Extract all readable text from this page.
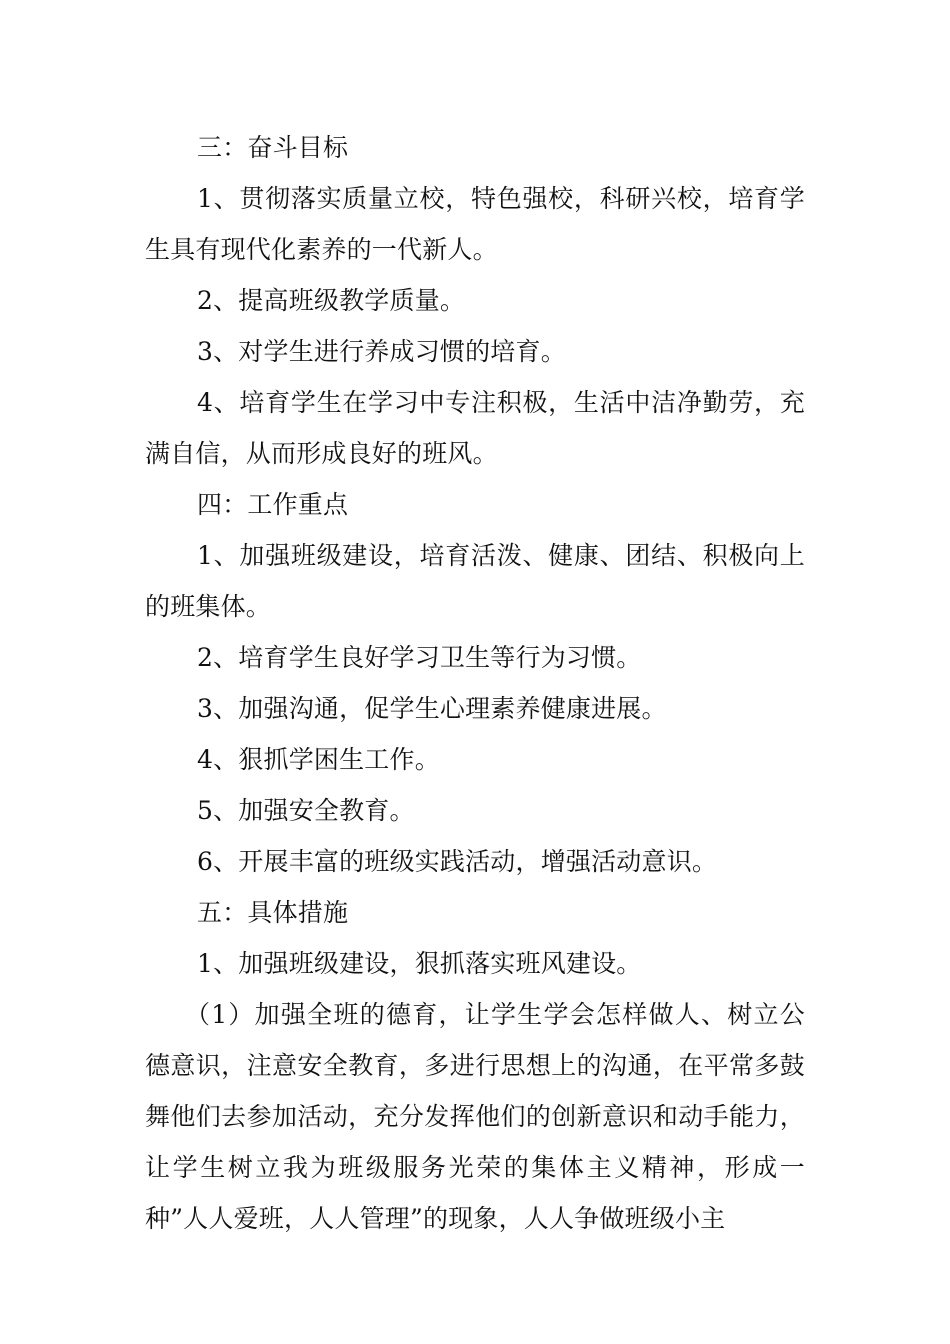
三：奋斗目标

1、贯彻落实质量立校，特色强校，科研兴校，培育学生具有现代化素养的一代新人。

2、提高班级教学质量。

3、对学生进行养成习惯的培育。

4、培育学生在学习中专注积极，生活中洁净勤劳，充满自信，从而形成良好的班风。

四：工作重点

1、加强班级建设，培育活泼、健康、团结、积极向上的班集体。

2、培育学生良好学习卫生等行为习惯。

3、加强沟通，促学生心理素养健康进展。

4、狠抓学困生工作。

5、加强安全教育。

6、开展丰富的班级实践活动，增强活动意识。

五：具体措施

1、加强班级建设，狠抓落实班风建设。

（1）加强全班的德育，让学生学会怎样做人、树立公德意识，注意安全教育，多进行思想上的沟通，在平常多鼓舞他们去参加活动，充分发挥他们的创新意识和动手能力，让学生树立我为班级服务光荣的集体主义精神，形成一种”人人爱班，人人管理”的现象，人人争做班级小主
